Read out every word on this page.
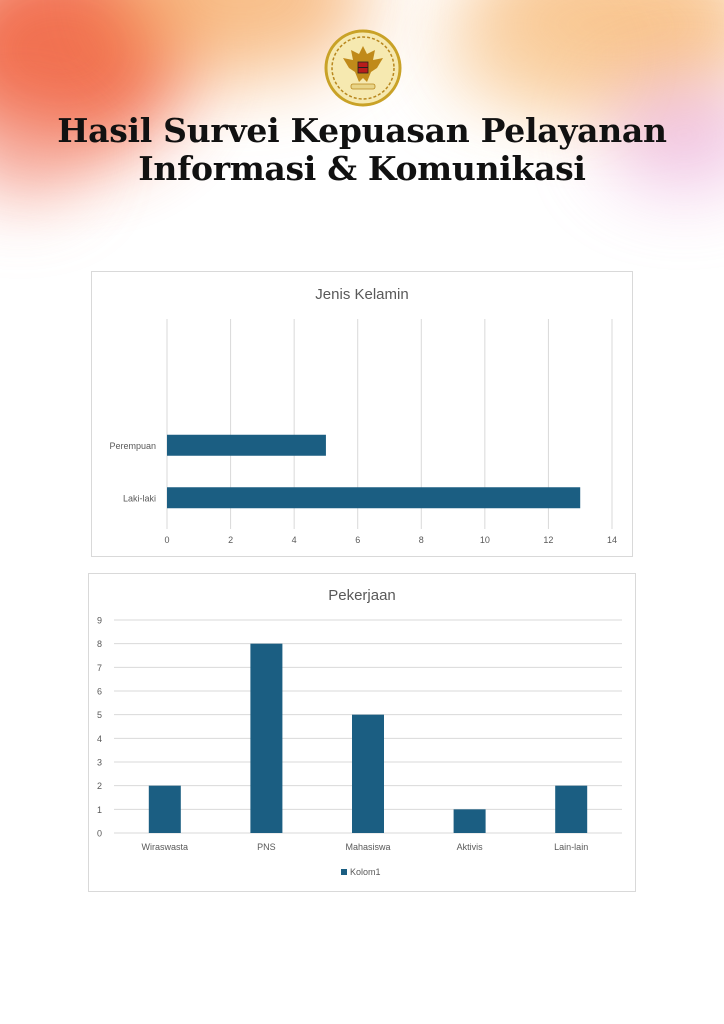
Hasil Survei Kepuasan Pelayanan
Informasi & Komunikasi
Jenis Kelamin
Laki-laki
Perempuan
0	2	4	6	8	10	12	14
Pekerjaan
Wiraswasta	PNS	Mahasiswa	Aktivis	Lain-lain
0
1
2
3
4
5
6
7
8
9
Kolom1
